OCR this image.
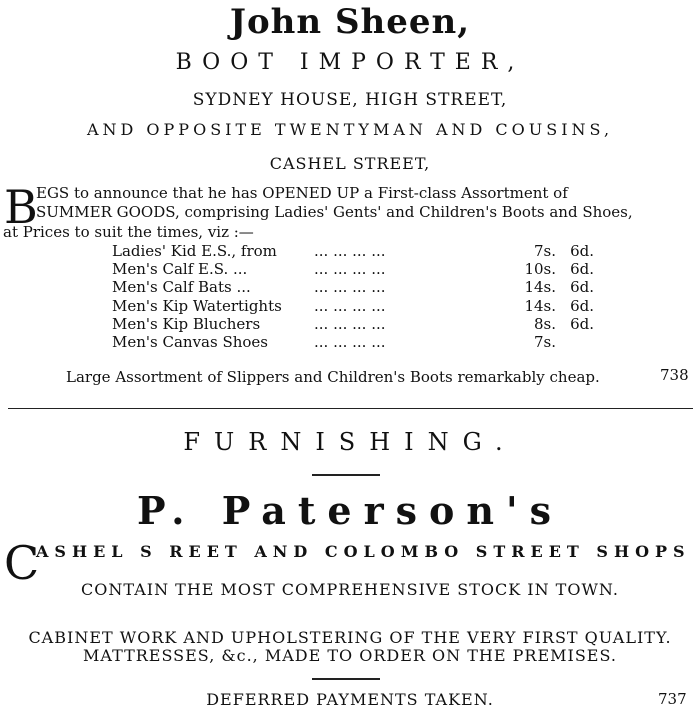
John Sheen,
BOOT IMPORTER,
SYDNEY HOUSE, HIGH STREET,
AND OPPOSITE TWENTYMAN AND COUSINS,
CASHEL STREET,
B
EGS to announce that he has OPENED UP a First-class Assortment of
SUMMER GOODS, comprising Ladies' Gents' and Children's Boots and Shoes,
at Prices to suit the times, viz :—
Ladies' Kid E.S., from	... ... ... ...	7s.	6d.
Men's Calf E.S. ...	... ... ... ...	10s.	6d.
Men's Calf Bats ...	... ... ... ...	14s.	6d.
Men's Kip Watertights	... ... ... ...	14s.	6d.
Men's Kip Bluchers	... ... ... ...	8s.	6d.
Men's Canvas Shoes	... ... ... ...	7s.	
Large Assortment of Slippers and Children's Boots remarkably cheap.	738
FURNISHING.
P. Paterson's
C
ASHEL S REET AND COLOMBO STREET SHOPS
CONTAIN THE MOST COMPREHENSIVE STOCK IN TOWN.
CABINET WORK AND UPHOLSTERING OF THE VERY FIRST QUALITY.
MATTRESSES, &c., MADE TO ORDER ON THE PREMISES.
DEFERRED PAYMENTS TAKEN.	737
